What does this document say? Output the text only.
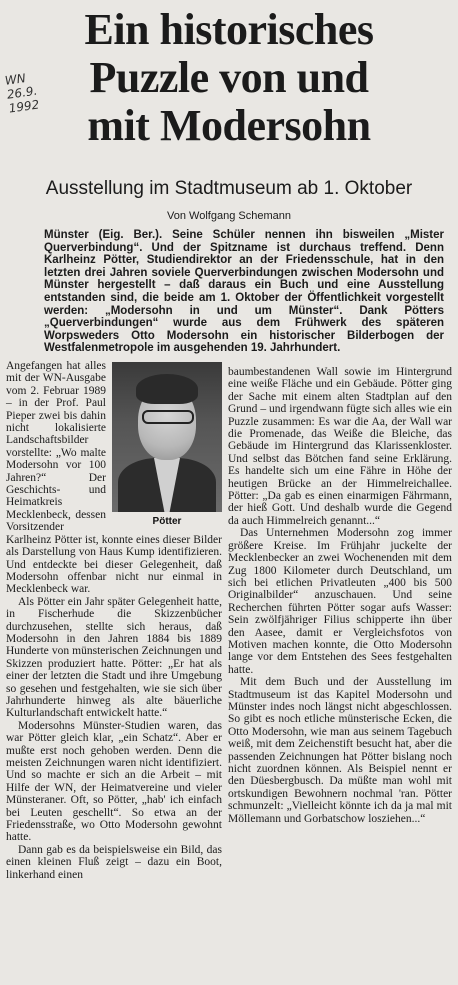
Ein historisches
Puzzle von und
mit Modersohn
WN
26.9.
1992
Ausstellung im Stadtmuseum ab 1. Oktober
Von Wolfgang Schemann
Münster (Eig. Ber.). Seine Schüler nennen ihn bisweilen „Mister Querverbindung“. Und der Spitzname ist durchaus treffend. Denn Karlheinz Pötter, Studiendirektor an der Friedensschule, hat in den letzten drei Jahren soviele Querverbindungen zwischen Modersohn und Münster hergestellt – daß daraus ein Buch und eine Ausstellung entstanden sind, die beide am 1. Oktober der Öffentlichkeit vorgestellt werden: „Modersohn in und um Münster“. Dank Pötters „Querverbindungen“ wurde aus dem Frühwerk des späteren Worpsweders Otto Modersohn ein historischer Bilderbogen der Westfalenmetropole im ausgehenden 19. Jahrhundert.
Pötter

Angefangen hat alles mit der WN-Ausgabe vom 2. Februar 1989 – in der Prof. Paul Pieper zwei bis dahin nicht lokalisierte Landschaftsbilder vorstellte: „Wo malte Modersohn vor 100 Jahren?“ Der Geschichts- und Heimatkreis Mecklenbeck, dessen Vorsitzender Karlheinz Pötter ist, konnte eines dieser Bilder als Darstellung von Haus Kump identifizieren. Und entdeckte bei dieser Gelegenheit, daß Modersohn offenbar nicht nur einmal in Mecklenbeck war.

Als Pötter ein Jahr später Gelegenheit hatte, in Fischerhude die Skizzenbücher durchzusehen, stellte sich heraus, daß Modersohn in den Jahren 1884 bis 1889 Hunderte von münsterischen Zeichnungen und Skizzen produziert hatte. Pötter: „Er hat als einer der letzten die Stadt und ihre Umgebung so gesehen und festgehalten, wie sie sich über Jahrhunderte hinweg als alte bäuerliche Kulturlandschaft entwickelt hatte.“

Modersohns Münster-Studien waren, das war Pötter gleich klar, „ein Schatz“. Aber er mußte erst noch gehoben werden. Denn die meisten Zeichnungen waren nicht identifiziert. Und so machte er sich an die Arbeit – mit Hilfe der WN, der Heimatvereine und vieler Münsteraner. Oft, so Pötter, „hab' ich einfach bei Leuten geschellt“. So etwa an der Friedensstraße, wo Otto Modersohn gewohnt hatte.

Dann gab es da beispielsweise ein Bild, das einen kleinen Fluß zeigt – dazu ein Boot, linkerhand einen

baumbestandenen Wall sowie im Hintergrund eine weiße Fläche und ein Gebäude. Pötter ging der Sache mit einem alten Stadtplan auf den Grund – und irgendwann fügte sich alles wie ein Puzzle zusammen: Es war die Aa, der Wall war die Promenade, das Weiße die Bleiche, das Gebäude im Hintergrund das Klarissenkloster. Und selbst das Bötchen fand seine Erklärung. Es handelte sich um eine Fähre in Höhe der heutigen Brücke an der Himmelreichallee. Pötter: „Da gab es einen einarmigen Fährmann, der hieß Gott. Und deshalb wurde die Gegend da auch Himmelreich genannt...“

Das Unternehmen Modersohn zog immer größere Kreise. Im Frühjahr juckelte der Mecklenbecker an zwei Wochenenden mit dem Zug 1800 Kilometer durch Deutschland, um sich bei etlichen Privatleuten „400 bis 500 Originalbilder“ anzuschauen. Und seine Recherchen führten Pötter sogar aufs Wasser: Sein zwölfjähriger Filius schipperte ihn über den Aasee, damit er Vergleichsfotos von Motiven machen konnte, die Otto Modersohn lange vor dem Entstehen des Sees festgehalten hatte.

Mit dem Buch und der Ausstellung im Stadtmuseum ist das Kapitel Modersohn und Münster indes noch längst nicht abgeschlossen. So gibt es noch etliche münsterische Ecken, die Otto Modersohn, wie man aus seinem Tagebuch weiß, mit dem Zeichenstift besucht hat, aber die passenden Zeichnungen hat Pötter bislang noch nicht zuordnen können. Als Beispiel nennt er den Düesbergbusch. Da müßte man wohl mit ortskundigen Bewohnern nochmal 'ran. Pötter schmunzelt: „Vielleicht könnte ich da ja mal mit Möllemann und Gorbatschow losziehen...“
